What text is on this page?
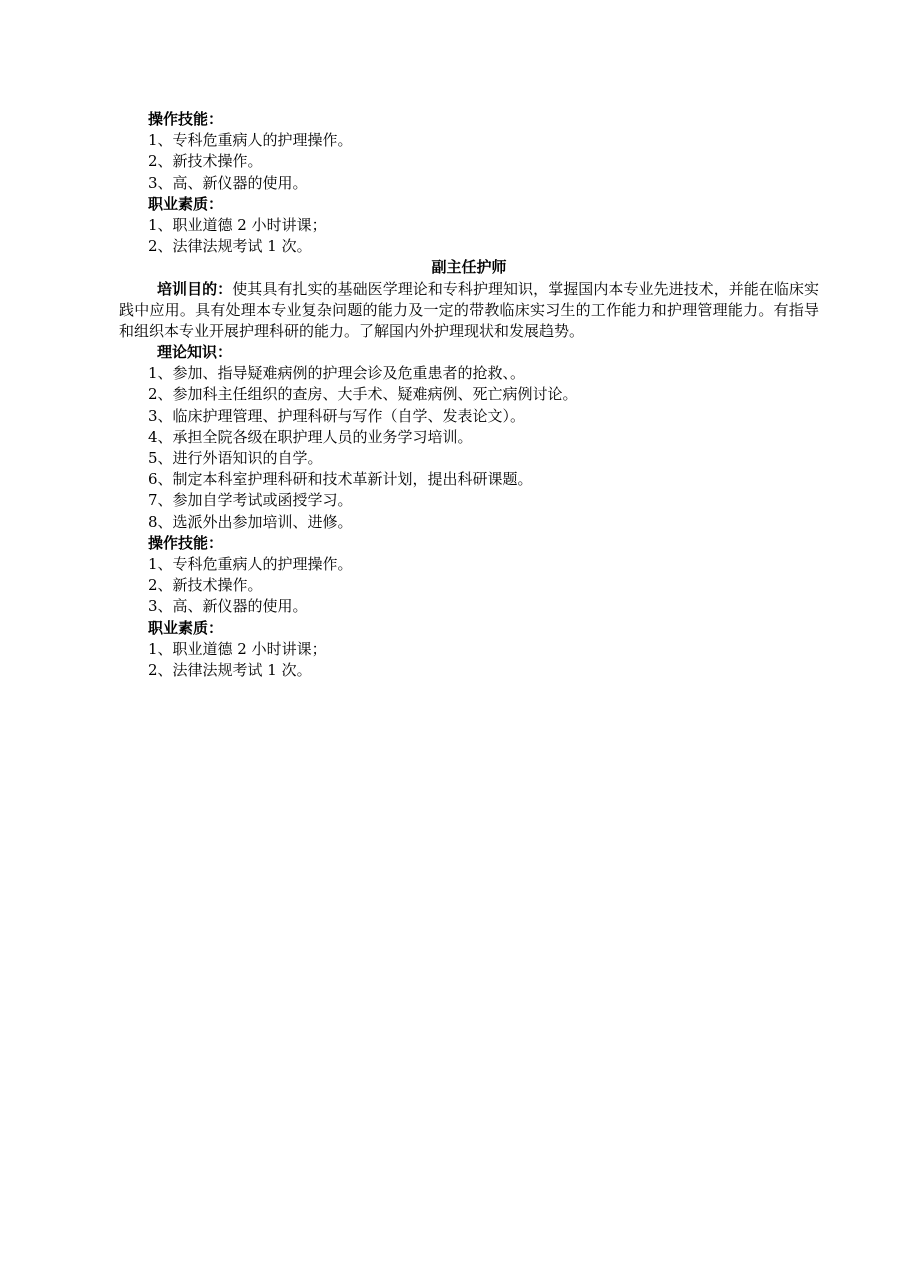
操作技能：
1、专科危重病人的护理操作。
2、新技术操作。
3、高、新仪器的使用。
职业素质：
1、职业道德 2 小时讲课；
2、法律法规考试 1 次。
副主任护师
培训目的：使其具有扎实的基础医学理论和专科护理知识，掌握国内本专业先进技术，并能在临床实践中应用。具有处理本专业复杂问题的能力及一定的带教临床实习生的工作能力和护理管理能力。有指导和组织本专业开展护理科研的能力。了解国内外护理现状和发展趋势。
理论知识：
1、参加、指导疑难病例的护理会诊及危重患者的抢救、。
2、参加科主任组织的查房、大手术、疑难病例、死亡病例讨论。
3、临床护理管理、护理科研与写作（自学、发表论文）。
4、承担全院各级在职护理人员的业务学习培训。
5、进行外语知识的自学。
6、制定本科室护理科研和技术革新计划，提出科研课题。
7、参加自学考试或函授学习。
8、选派外出参加培训、进修。
操作技能：
1、专科危重病人的护理操作。
2、新技术操作。
3、高、新仪器的使用。
职业素质：
1、职业道德 2 小时讲课；
2、法律法规考试 1 次。
